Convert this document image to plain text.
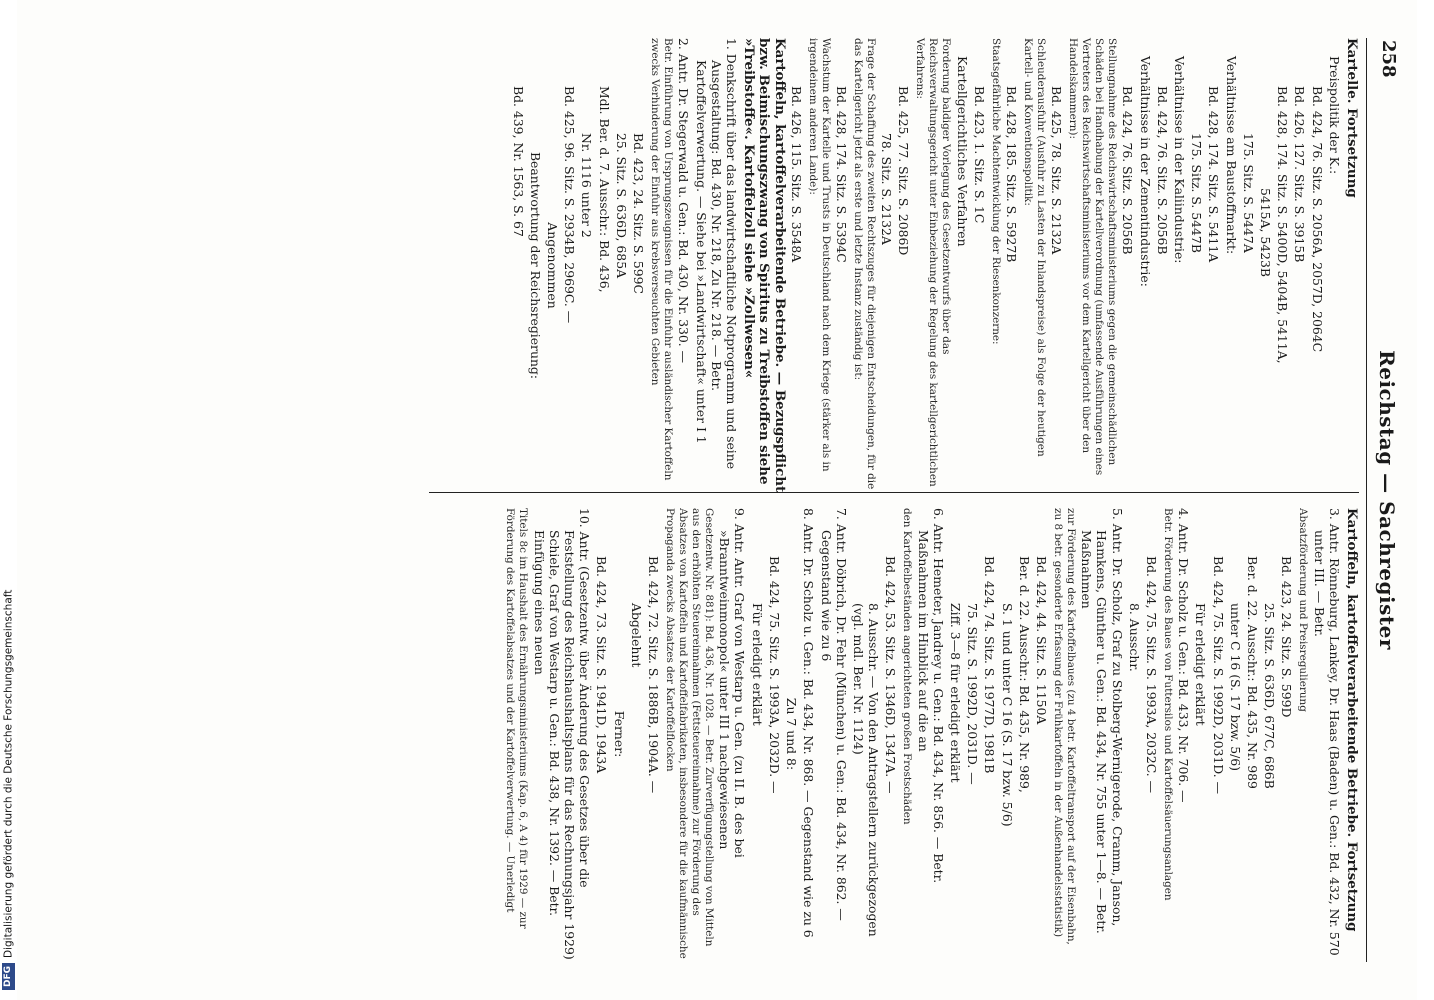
258
Reichstag — Sachregister

Kartelle. Fortsetzung

Preispolitik der K.:

Bd. 424, 76. Sitz. S. 2056A, 2057D, 2064C

Bd. 426, 127. Sitz. S. 3915B

Bd. 428, 174. Sitz. S. 5400D, 5404B, 5411A,

5415A, 5423B

175. Sitz. S. 5447A

Verhältnisse am Baustoffmarkt:

Bd. 428, 174. Sitz. S. 5411A

175. Sitz. S. 5447B

Verhältnisse in der Kaliindustrie:

Bd. 424, 76. Sitz. S. 2056B

Verhältnisse in der Zementindustrie:

Bd. 424, 76. Sitz. S. 2056B

Stellungnahme des Reichswirtschaftsministeriums gegen die gemeinschädlichen Schäden bei Handhabung der Kartellverordnung (umfassende Ausführungen eines Vertreters des Reichswirtschaftsministeriums vor dem Kartellgericht über den Handelskammern):

Bd. 425, 78. Sitz. S. 2132A

Schleuderausfuhr (Ausfuhr zu Lasten der Inlandspreise) als Folge der heutigen Kartell- und Konventionspolitik:

Bd. 428, 185. Sitz. S. 5927B

Staatsgefährliche Machtentwicklung der Riesenkonzerne:

Bd. 423, 1. Sitz. S. 1C

Kartellgerichtliches Verfahren

Forderung baldiger Vorlegung des Gesetzentwurfs über das Reichsverwaltungsgericht unter Einbeziehung der Regelung des kartellgerichtlichen Verfahrens:

Bd. 425, 77. Sitz. S. 2086D

78. Sitz. S. 2132A

Frage der Schaffung des zweiten Rechtszuges für diejenigen Entscheidungen, für die das Kartellgericht jetzt als erste und letzte Instanz zuständig ist:

Bd. 428, 174. Sitz. S. 5394C

Wachstum der Kartelle und Trusts in Deutschland nach dem Kriege (stärker als in irgendeinem anderen Lande):

Bd. 426, 115. Sitz. S. 3548A

Kartoffeln, kartoffelverarbeitende Betriebe. — Bezugspflicht bzw. Beimischungszwang von Spiritus zu Treibstoffen siehe »Treibstoffe«. Kartoffelzoll siehe »Zollwesen«

1. Denkschrift über das landwirtschaftliche Notprogramm und seine Ausgestaltung: Bd. 430, Nr. 218, Zu Nr. 218. — Betr. Kartoffelverwertung. — Siehe bei »Landwirtschaft« unter I 1

2. Antr. Dr. Stegerwald u. Gen.: Bd. 430, Nr. 330. —

Betr. Einführung von Ursprungszeugnissen für die Einfuhr ausländischer Kartoffeln zwecks Verhinderung der Einfuhr aus krebsverseuchten Gebieten

Bd. 423, 24. Sitz. S. 599C

25. Sitz. S. 636D, 685A

Mdl. Ber. d. 7. Ausschr.: Bd. 436,

Nr. 1116 unter 2

Bd. 425, 96. Sitz. S. 2934B, 2969C. —

Angenommen

Beantwortung der Reichsregierung:

Bd. 439, Nr. 1563, S. 67

Kartoffeln, kartoffelverarbeitende Betriebe. Fortsetzung

3. Antr. Rönneburg, Lankey, Dr. Haas (Baden) u. Gen.: Bd. 432, Nr. 570 unter III. — Betr.

Absatzförderung und Preisregulierung

Bd. 423, 24. Sitz. S. 599D

25. Sitz. S. 636D, 677C, 686B

Ber. d. 22. Ausschr.: Bd. 435, Nr. 989

unter C 16 (S. 17 bzw. 5/6)

Bd. 424, 75. Sitz. S. 1992D, 2031D. —

Für erledigt erklärt

4. Antr. Dr. Scholz u. Gen.: Bd. 433, Nr. 706. —

Betr. Förderung des Baues von Futtersilos und Kartoffelsäuerungsanlagen

Bd. 424, 75. Sitz. S. 1993A, 2032C. —

8. Ausschr.

5. Antr. Dr. Scholz, Graf zu Stolberg-Wernigerode, Cramm, Janson, Hamkens, Günther u. Gen.: Bd. 434, Nr. 755 unter 1—8. — Betr. Maßnahmen

zur Förderung des Kartoffelbaues (zu 4 betr. Kartoffeltransport auf der Eisenbahn, zu 8 betr. gesonderte Erfassung der Frühkartoffeln in der Außenhandelsstatistik)

Bd. 424, 44. Sitz. S. 1150A

Ber. d. 22. Ausschr.: Bd. 435, Nr. 989,

S. 1 und unter C 16 (S. 17 bzw. 5/6)

Bd. 424, 74. Sitz. S. 1977D, 1981B

75. Sitz. S. 1992D, 2031D. —

Ziff. 3—8 für erledigt erklärt

6. Antr. Hemeter, Jandrey u. Gen.: Bd. 434, Nr. 856. — Betr. Maßnahmen im Hinblick auf die an

den Kartoffelbeständen angerichteten großen Frostschäden

Bd. 424, 53. Sitz. S. 1346D, 1347A. —

8. Ausschr. — Von den Antragstellern zurückgezogen (vgl. mdl. Ber. Nr. 1124)

7. Antr. Döbrich, Dr. Fehr (München) u. Gen.: Bd. 434, Nr. 862. — Gegenstand wie zu 6

8. Antr. Dr. Scholz u. Gen.: Bd. 434, Nr. 868. — Gegenstand wie zu 6

Zu 7 und 8:

Bd. 424, 75. Sitz. S. 1993A, 2032D. —

Für erledigt erklärt

9. Antr. Antr. Graf von Westarp u. Gen. (zu II. B. des bei »Branntweinmonopol« unter III 1 nachgewiesenen

Gesetzentw. Nr. 881): Bd. 436, Nr. 1028. — Betr. Zurverfügungstellung von Mitteln aus den erhöhten Steuereinnahmen (Fettsteuereinnahme) zur Förderung des Absatzes von Kartoffeln und Kartoffelfabrikaten, insbesondere für die kaufmännische Propaganda zwecks Absatzes der Kartoffelflocken

Bd. 424, 72. Sitz. S. 1886B, 1904A. —

Abgelehnt

Ferner:

Bd. 424, 73. Sitz. S. 1941D, 1943A

10. Antr. (Gesetzentw. über Änderung des Gesetzes über die Feststellung des Reichshaushaltsplans für das Rechnungsjahr 1929) Schiele, Graf von Westarp u. Gen.: Bd. 438, Nr. 1392. — Betr. Einfügung eines neuen

Titels 8c im Haushalt des Ernährungsministeriums (Kap. 6, A 4) für 1929 — zur Förderung des Kartoffelabsatzes und der Kartoffelverwertung. — Unerledigt

DFGDigitalisierung gefördert durch die Deutsche Forschungsgemeinschaft
